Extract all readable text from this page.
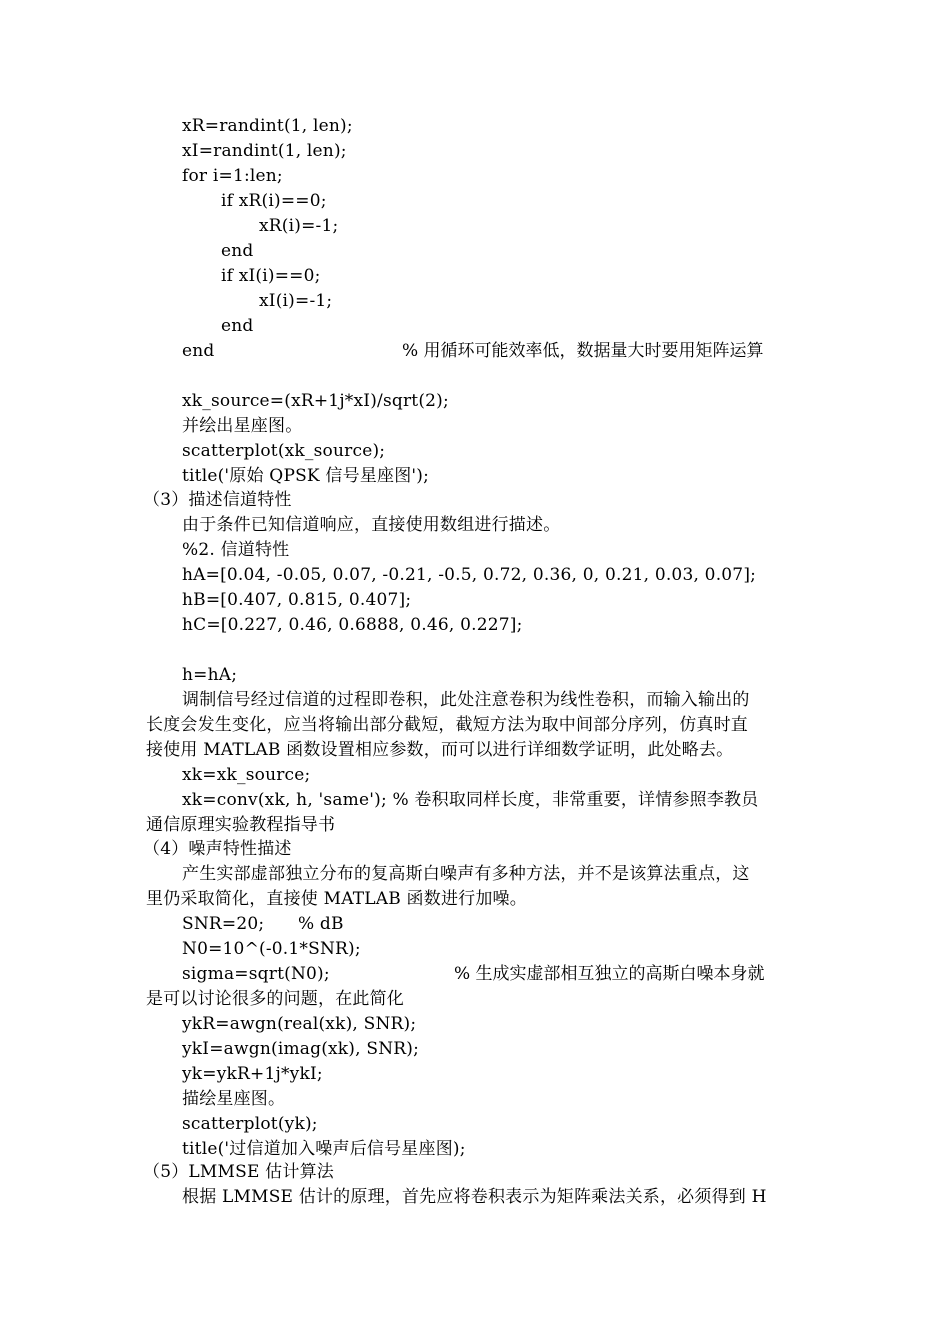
xR=randint(1, len);
xI=randint(1, len);
for i=1:len;
if xR(i)==0;
xR(i)=-1;
end
if xI(i)==0;
xI(i)=-1;
end
end	% 用循环可能效率低，数据量大时要用矩阵运算
xk_source=(xR+1j*xI)/sqrt(2);
并绘出星座图。
scatterplot(xk_source);
title('原始 QPSK 信号星座图');
（3）描述信道特性
由于条件已知信道响应，直接使用数组进行描述。
%2. 信道特性
hA=[0.04, -0.05, 0.07, -0.21, -0.5, 0.72, 0.36, 0, 0.21, 0.03, 0.07];
hB=[0.407, 0.815, 0.407];
hC=[0.227, 0.46, 0.6888, 0.46, 0.227];
h=hA;
调制信号经过信道的过程即卷积，此处注意卷积为线性卷积，而输入输出的
长度会发生变化，应当将输出部分截短，截短方法为取中间部分序列，仿真时直
接使用 MATLAB 函数设置相应参数，而可以进行详细数学证明，此处略去。
xk=xk_source;
xk=conv(xk, h, 'same'); % 卷积取同样长度，非常重要，详情参照李教员
通信原理实验教程指导书
（4）噪声特性描述
产生实部虚部独立分布的复高斯白噪声有多种方法，并不是该算法重点，这
里仍采取简化，直接使 MATLAB 函数进行加噪。
SNR=20;      % dB
N0=10^(-0.1*SNR);
sigma=sqrt(N0);	% 生成实虚部相互独立的高斯白噪本身就
是可以讨论很多的问题，在此简化
ykR=awgn(real(xk), SNR);
ykI=awgn(imag(xk), SNR);
yk=ykR+1j*ykI;
描绘星座图。
scatterplot(yk);
title('过信道加入噪声后信号星座图);
（5）LMMSE 估计算法
根据 LMMSE 估计的原理，首先应将卷积表示为矩阵乘法关系，必须得到 H
